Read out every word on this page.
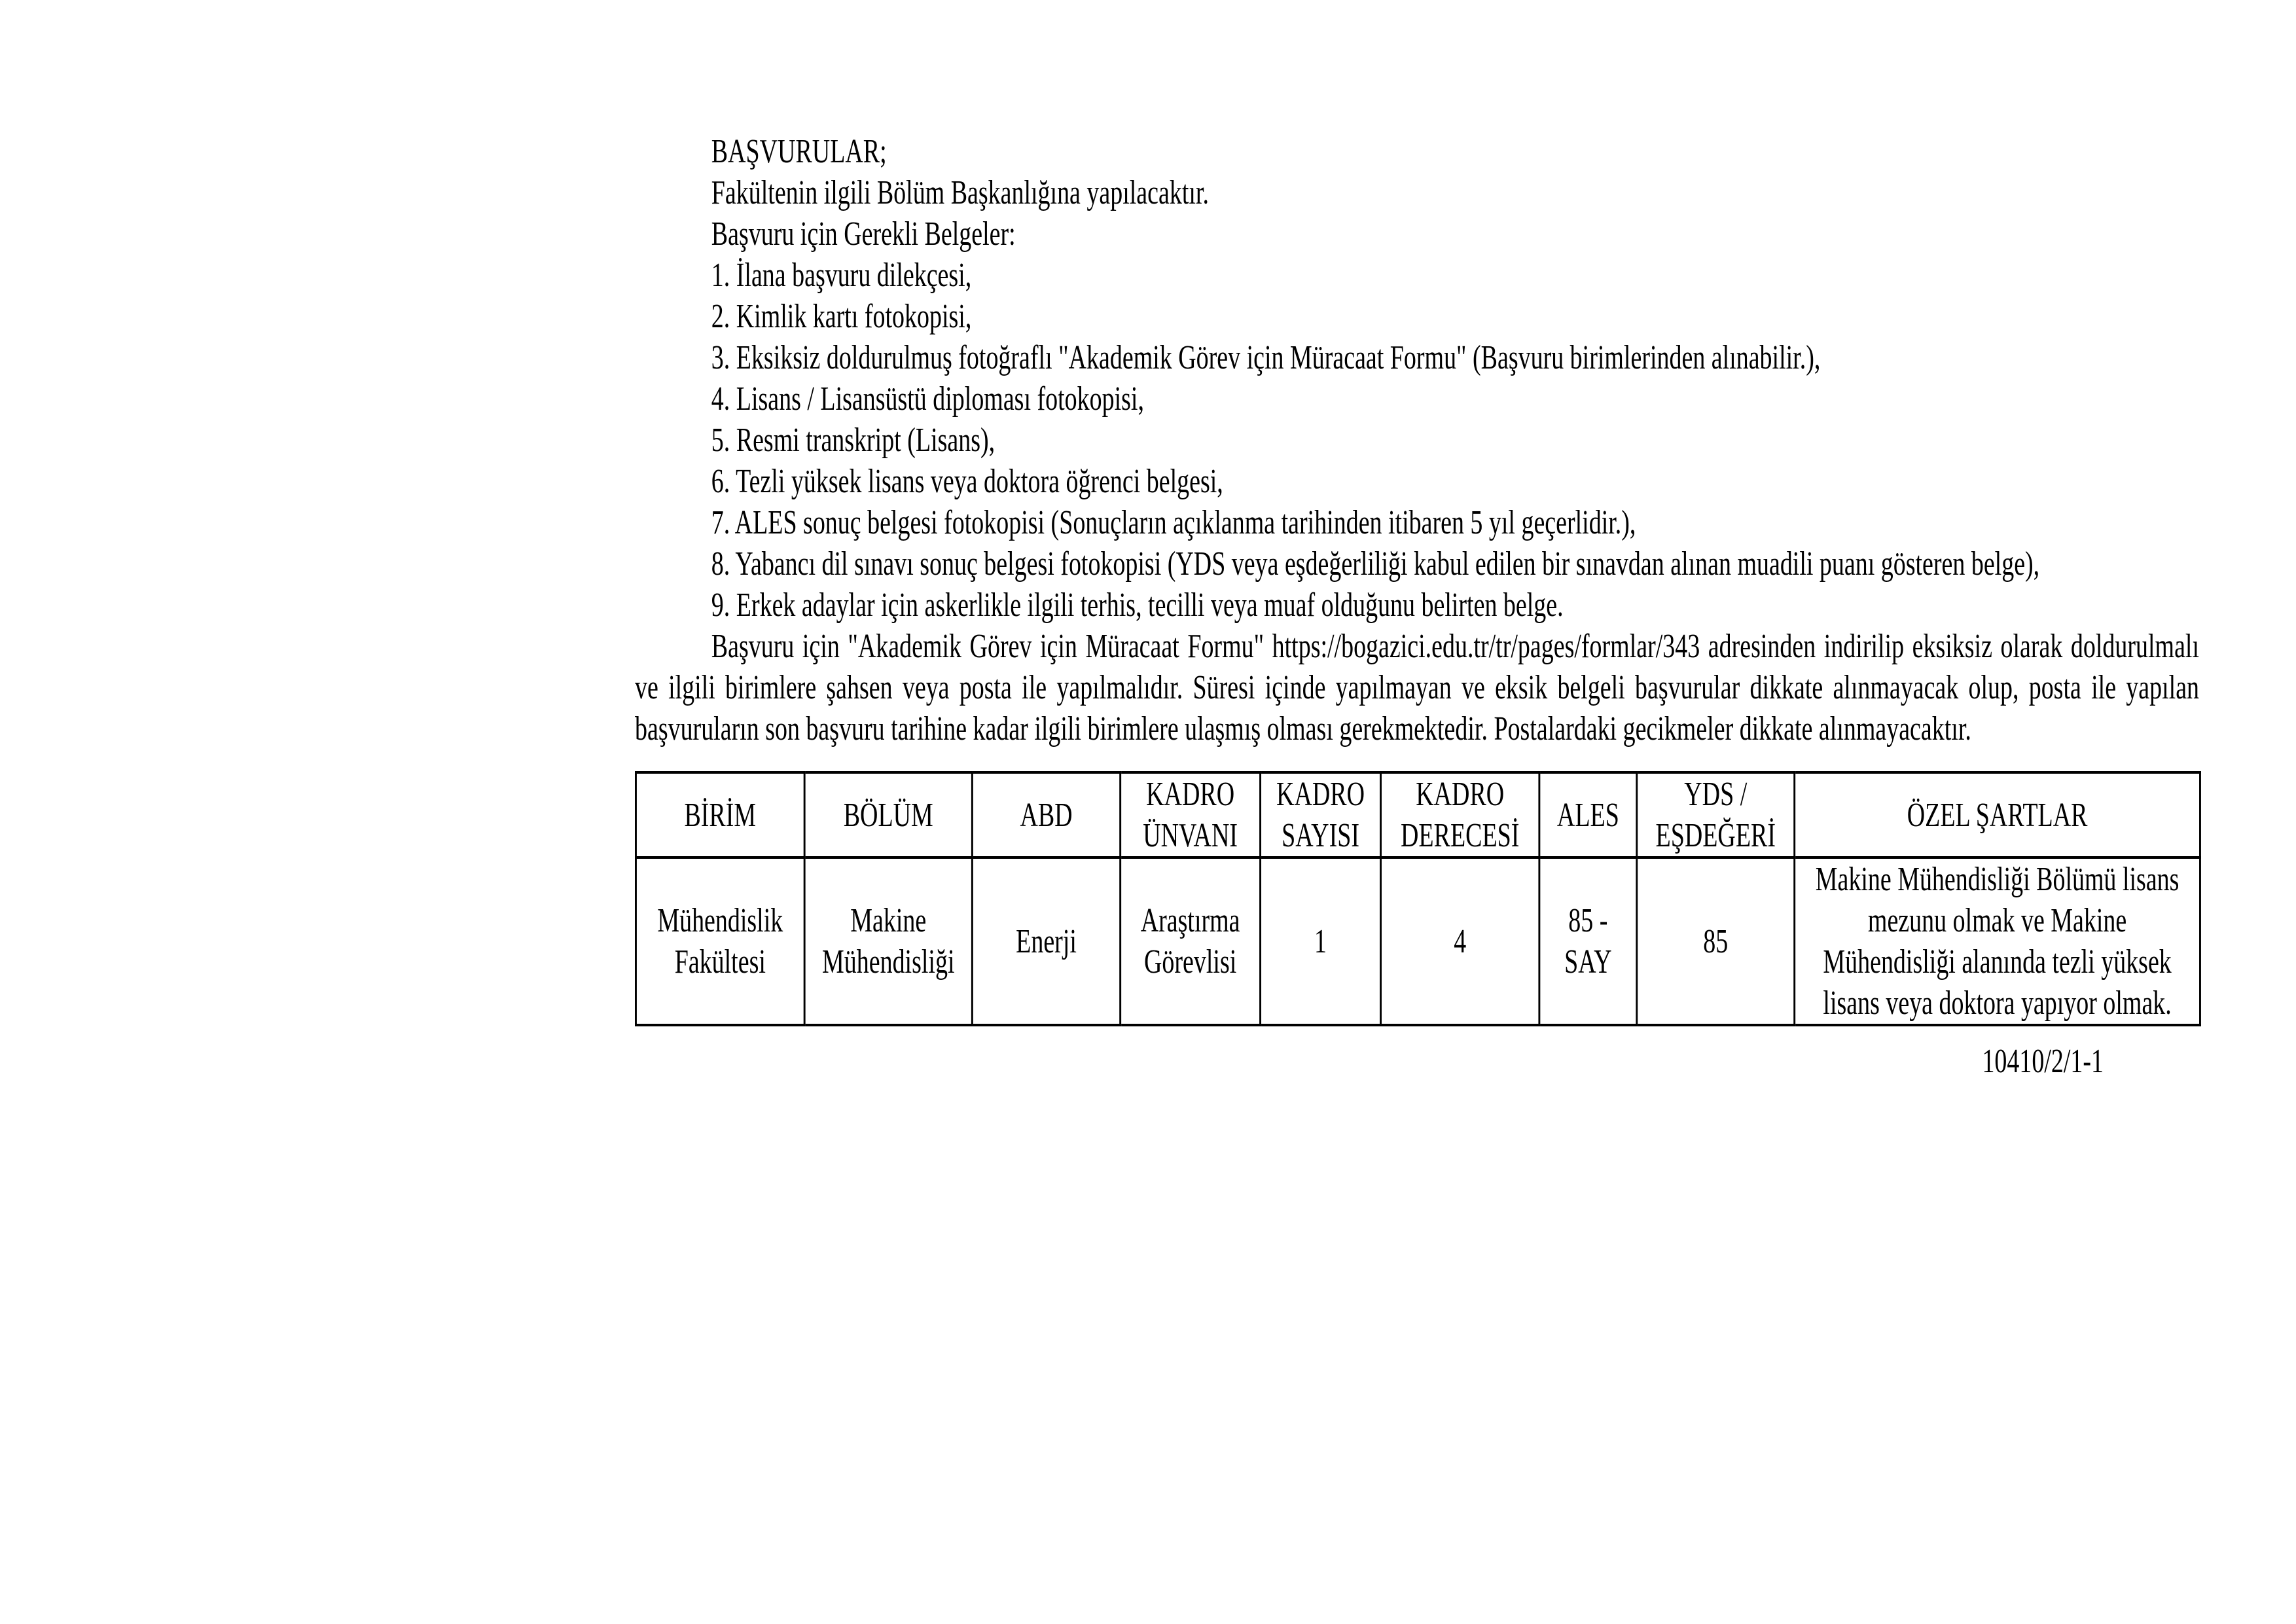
BAŞVURULAR;
Fakültenin ilgili Bölüm Başkanlığına yapılacaktır.
Başvuru için Gerekli Belgeler:
1. İlana başvuru dilekçesi,
2. Kimlik kartı fotokopisi,
3. Eksiksiz doldurulmuş fotoğraflı "Akademik Görev için Müracaat Formu" (Başvuru birimlerinden alınabilir.),
4. Lisans / Lisansüstü diploması fotokopisi,
5. Resmi transkript (Lisans),
6. Tezli yüksek lisans veya doktora öğrenci belgesi,
7. ALES sonuç belgesi fotokopisi (Sonuçların açıklanma tarihinden itibaren 5 yıl geçerlidir.),
8. Yabancı dil sınavı sonuç belgesi fotokopisi (YDS veya eşdeğerliliği kabul edilen bir sınavdan alınan muadili puanı gösteren belge),
9. Erkek adaylar için askerlikle ilgili terhis, tecilli veya muaf olduğunu belirten belge.

Başvuru için "Akademik Görev için Müracaat Formu" https://bogazici.edu.tr/tr/pages/formlar/343 adresinden indirilip eksiksiz olarak doldurulmalı ve ilgili birimlere şahsen veya posta ile yapılmalıdır. Süresi içinde yapılmayan ve eksik belgeli başvurular dikkate alınmayacak olup, posta ile yapılan başvuruların son başvuru tarihine kadar ilgili birimlere ulaşmış olması gerekmektedir. Postalardaki gecikmeler dikkate alınmayacaktır.

BİRİM	BÖLÜM	ABD	KADRO ÜNVANI	KADRO SAYISI	KADRO DERECESİ	ALES	YDS / EŞDEĞERİ	ÖZEL ŞARTLAR
Mühendislik Fakültesi	Makine Mühendisliği	Enerji	Araştırma Görevlisi	1	4	85 - SAY	85	Makine Mühendisliği Bölümü lisans mezunu olmak ve Makine Mühendisliği alanında tezli yüksek lisans veya doktora yapıyor olmak.
10410/2/1-1
